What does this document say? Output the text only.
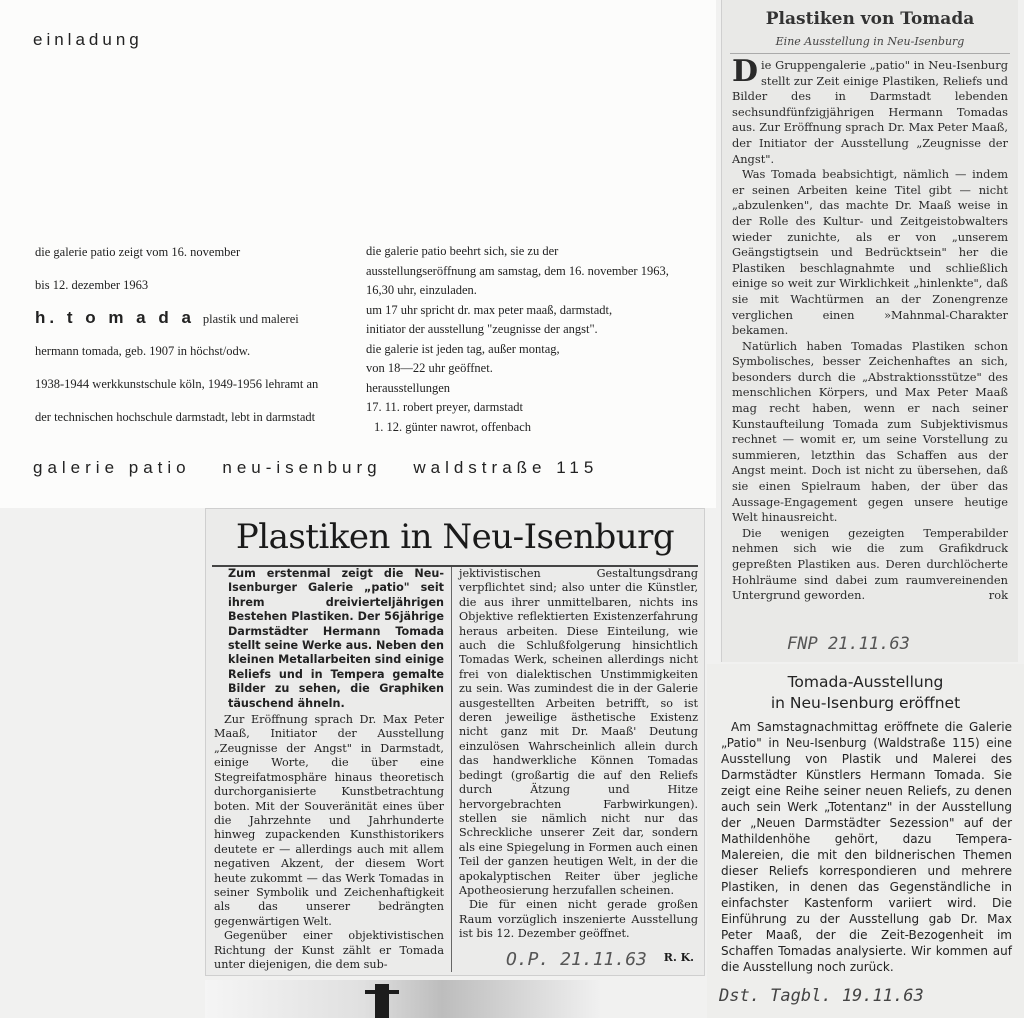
einladung
die galerie patio zeigt vom 16. november
bis 12. dezember 1963
h. t o m a d a plastik und malerei
hermann tomada, geb. 1907 in höchst/odw.
1938-1944 werkkunstschule köln, 1949-1956 lehramt an
der technischen hochschule darmstadt, lebt in darmstadt
die galerie patio beehrt sich, sie zu der
ausstellungseröffnung am samstag, dem 16. november 1963,
16,30 uhr, einzuladen.
um 17 uhr spricht dr. max peter maaß, darmstadt,
initiator der ausstellung "zeugnisse der angst".
die galerie ist jeden tag, außer montag,
von 18—22 uhr geöffnet.
herausstellungen
17. 11. robert preyer, darmstadt
1. 12. günter nawrot, offenbach
galerie patio neu-isenburg waldstraße 115
Plastiken von Tomada
Eine Ausstellung in Neu-Isenburg

Die Gruppengalerie „patio" in Neu-Isenburg stellt zur Zeit einige Plastiken, Reliefs und Bilder des in Darmstadt lebenden sechsundfünfzigjährigen Hermann Tomadas aus. Zur Eröffnung sprach Dr. Max Peter Maaß, der Initiator der Ausstellung „Zeugnisse der Angst".

Was Tomada beabsichtigt, nämlich — indem er seinen Arbeiten keine Titel gibt — nicht „abzulenken", das machte Dr. Maaß weise in der Rolle des Kultur- und Zeitgeistobwalters wieder zunichte, als er von „unserem Geängstigtsein und Bedrücktsein" her die Plastiken beschlagnahmte und schließlich einige so weit zur Wirklichkeit „hinlenkte", daß sie mit Wachtürmen an der Zonengrenze verglichen einen »Mahnmal-Charakter bekamen.

Natürlich haben Tomadas Plastiken schon Symbolisches, besser Zeichenhaftes an sich, besonders durch die „Abstraktionsstütze" des menschlichen Körpers, und Max Peter Maaß mag recht haben, wenn er nach seiner Kunstaufteilung Tomada zum Subjektivismus rechnet — womit er, um seine Vorstellung zu summieren, letzthin das Schaffen aus der Angst meint. Doch ist nicht zu übersehen, daß sie einen Spielraum haben, der über das Aussage-Engagement gegen unsere heutige Welt hinausreicht.

Die wenigen gezeigten Temperabilder nehmen sich wie die zum Grafikdruck gepreßten Plastiken aus. Deren durchlöcherte Hohlräume sind dabei zum raumvereinenden Untergrund geworden.	rok

FNP 21.11.63
Plastiken in Neu-Isenburg
Zum erstenmal zeigt die Neu-Isenburger Galerie „patio" seit ihrem dreivierteljährigen Bestehen Plastiken. Der 56jährige Darmstädter Hermann Tomada stellt seine Werke aus. Neben den kleinen Metallarbeiten sind einige Reliefs und in Tempera gemalte Bilder zu sehen, die Graphiken täuschend ähneln.

Zur Eröffnung sprach Dr. Max Peter Maaß, Initiator der Ausstellung „Zeugnisse der Angst" in Darmstadt, einige Worte, die über eine Stegreifatmosphäre hinaus theoretisch durchorganisierte Kunstbetrachtung boten. Mit der Souveränität eines über die Jahrzehnte und Jahrhunderte hinweg zupackenden Kunsthistorikers deutete er — allerdings auch mit allem negativen Akzent, der diesem Wort heute zukommt — das Werk Tomadas in seiner Symbolik und Zeichenhaftigkeit als das unserer bedrängten gegenwärtigen Welt.

Gegenüber einer objektivistischen Richtung der Kunst zählt er Tomada unter diejenigen, die dem sub-

jektivistischen Gestaltungsdrang verpflichtet sind; also unter die Künstler, die aus ihrer unmittelbaren, nichts ins Objektive reflektierten Existenzerfahrung heraus arbeiten. Diese Einteilung, wie auch die Schlußfolgerung hinsichtlich Tomadas Werk, scheinen allerdings nicht frei von dialektischen Unstimmigkeiten zu sein. Was zumindest die in der Galerie ausgestellten Arbeiten betrifft, so ist deren jeweilige ästhetische Existenz nicht ganz mit Dr. Maaß' Deutung einzulösen Wahrscheinlich allein durch das handwerkliche Können Tomadas bedingt (großartig die auf den Reliefs durch Ätzung und Hitze hervorgebrachten Farbwirkungen). stellen sie nämlich nicht nur das Schreckliche unserer Zeit dar, sondern als eine Spiegelung in Formen auch einen Teil der ganzen heutigen Welt, in der die apokalyptischen Reiter über jegliche Apotheosierung herzufallen scheinen.

Die für einen nicht gerade großen Raum vorzüglich inszenierte Ausstellung ist bis 12. Dezember geöffnet.

O.P. 21.11.63 R. K.
Tomada-Ausstellung
in Neu-Isenburg eröffnet

Am Samstagnachmittag eröffnete die Galerie „Patio" in Neu-Isenburg (Waldstraße 115) eine Ausstellung von Plastik und Malerei des Darmstädter Künstlers Hermann Tomada. Sie zeigt eine Reihe seiner neuen Reliefs, zu denen auch sein Werk „Totentanz" in der Ausstellung der „Neuen Darmstädter Sezession" auf der Mathildenhöhe gehört, dazu Tempera-Malereien, die mit den bildnerischen Themen dieser Reliefs korrespondieren und mehrere Plastiken, in denen das Gegenständliche in einfachster Kastenform variiert wird. Die Einführung zu der Ausstellung gab Dr. Max Peter Maaß, der die Zeit-Bezogenheit im Schaffen Tomadas analysierte. Wir kommen auf die Ausstellung noch zurück.

Dst. Tagbl. 19.11.63
